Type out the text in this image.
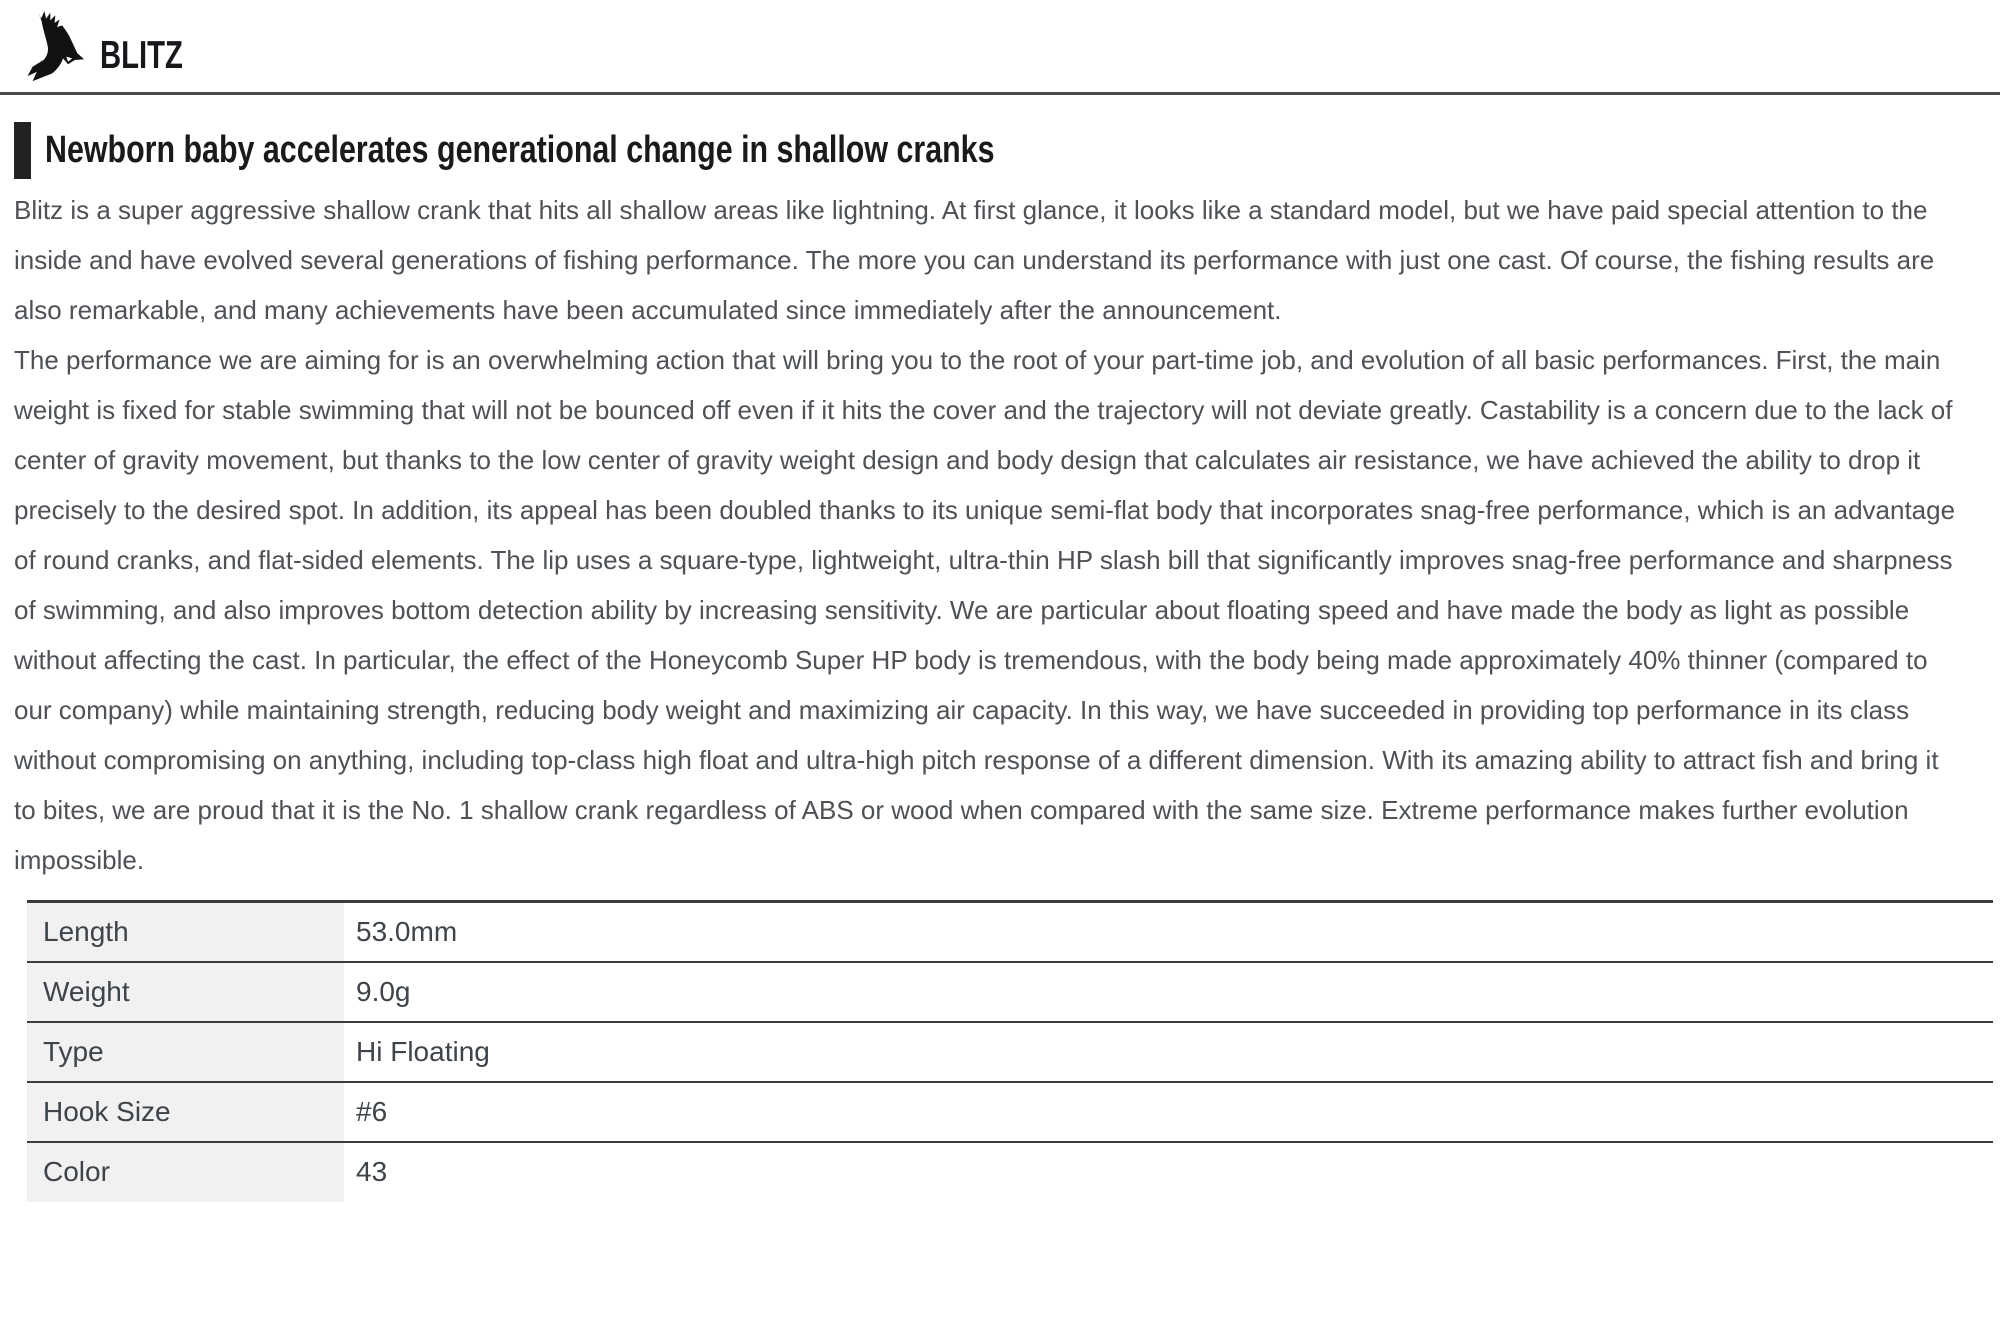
BLITZ
Newborn baby accelerates generational change in shallow cranks

Blitz is a super aggressive shallow crank that hits all shallow areas like lightning. At first glance, it looks like a standard model, but we have paid special attention to the inside and have evolved several generations of fishing performance. The more you can understand its performance with just one cast. Of course, the fishing results are also remarkable, and many achievements have been accumulated since immediately after the announcement.

The performance we are aiming for is an overwhelming action that will bring you to the root of your part-time job, and evolution of all basic performances. First, the main weight is fixed for stable swimming that will not be bounced off even if it hits the cover and the trajectory will not deviate greatly. Castability is a concern due to the lack of center of gravity movement, but thanks to the low center of gravity weight design and body design that calculates air resistance, we have achieved the ability to drop it precisely to the desired spot. In addition, its appeal has been doubled thanks to its unique semi-flat body that incorporates snag-free performance, which is an advantage of round cranks, and flat-sided elements. The lip uses a square-type, lightweight, ultra-thin HP slash bill that significantly improves snag-free performance and sharpness of swimming, and also improves bottom detection ability by increasing sensitivity. We are particular about floating speed and have made the body as light as possible without affecting the cast. In particular, the effect of the Honeycomb Super HP body is tremendous, with the body being made approximately 40% thinner (compared to our company) while maintaining strength, reducing body weight and maximizing air capacity. In this way, we have succeeded in providing top performance in its class without compromising on anything, including top-class high float and ultra-high pitch response of a different dimension. With its amazing ability to attract fish and bring it to bites, we are proud that it is the No. 1 shallow crank regardless of ABS or wood when compared with the same size. Extreme performance makes further evolution impossible.

Length	53.0mm
Weight	9.0g
Type	Hi Floating
Hook Size	#6
Color	43
